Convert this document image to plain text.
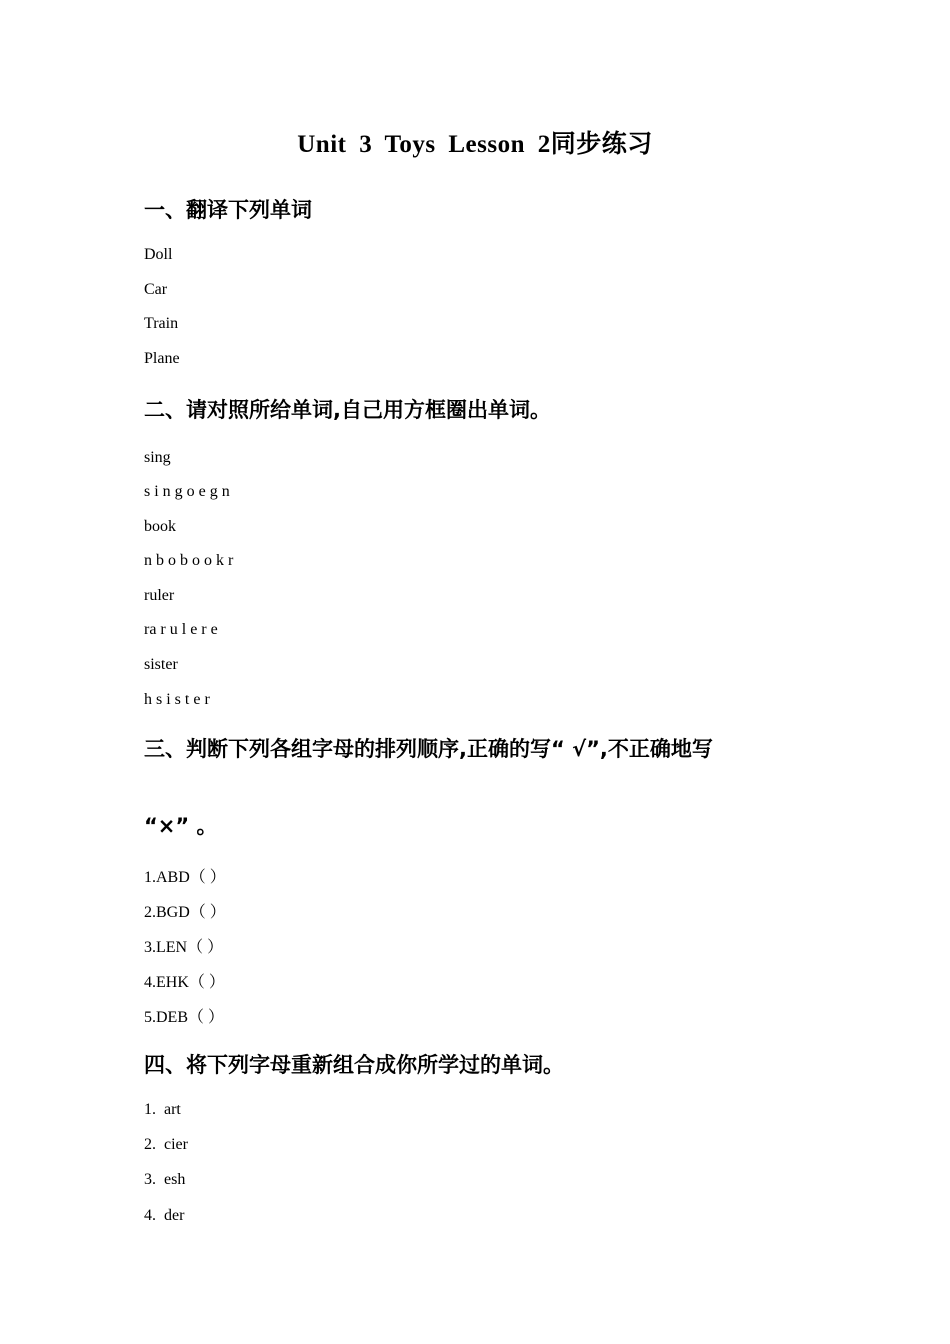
Unit 3 Toys Lesson 2同步练习
一、翻译下列单词
Doll
Car
Train
Plane
二、请对照所给单词,自己用方框圈出单词。
sing
s i n g o e g n
book
n b o b o o k r
ruler
ra r u l e r e
sister
h s i s t e r
三、判断下列各组字母的排列顺序,正确的写“ √”,不正确地写
“×” 。
1.ABD（ ）
2.BGD（ ）
3.LEN（ ）
4.EHK（ ）
5.DEB（ ）
四、将下列字母重新组合成你所学过的单词。
1.  art
2.  cier
3.  esh
4.  der
